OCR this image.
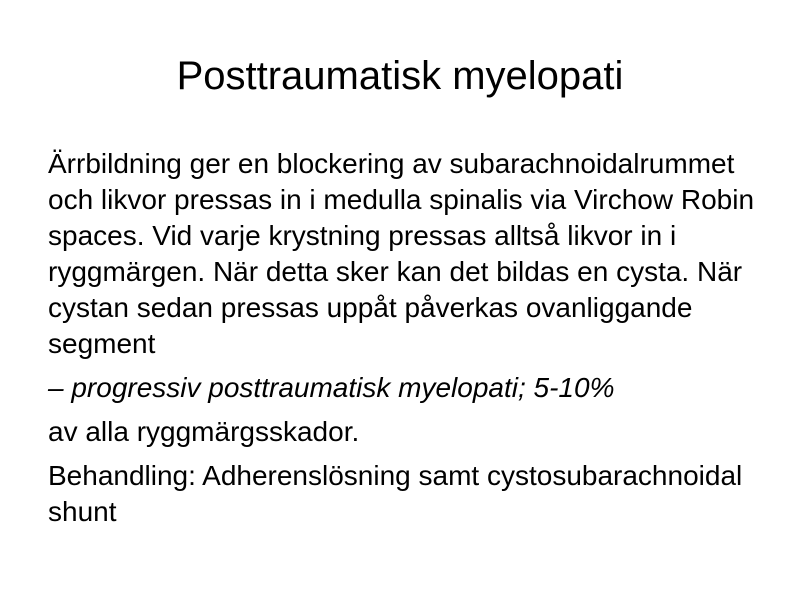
Posttraumatisk myelopati

Ärrbildning ger en blockering av subarachnoidalrummet och likvor pressas in i medulla spinalis via Virchow Robin spaces. Vid varje krystning pressas alltså likvor in i ryggmärgen. När detta sker kan det bildas en cysta. När cystan sedan pressas uppåt påverkas ovanliggande segment

– progressiv posttraumatisk myelopati; 5-10%

av alla ryggmärgsskador.

Behandling: Adherenslösning samt cystosubarachnoidal shunt
